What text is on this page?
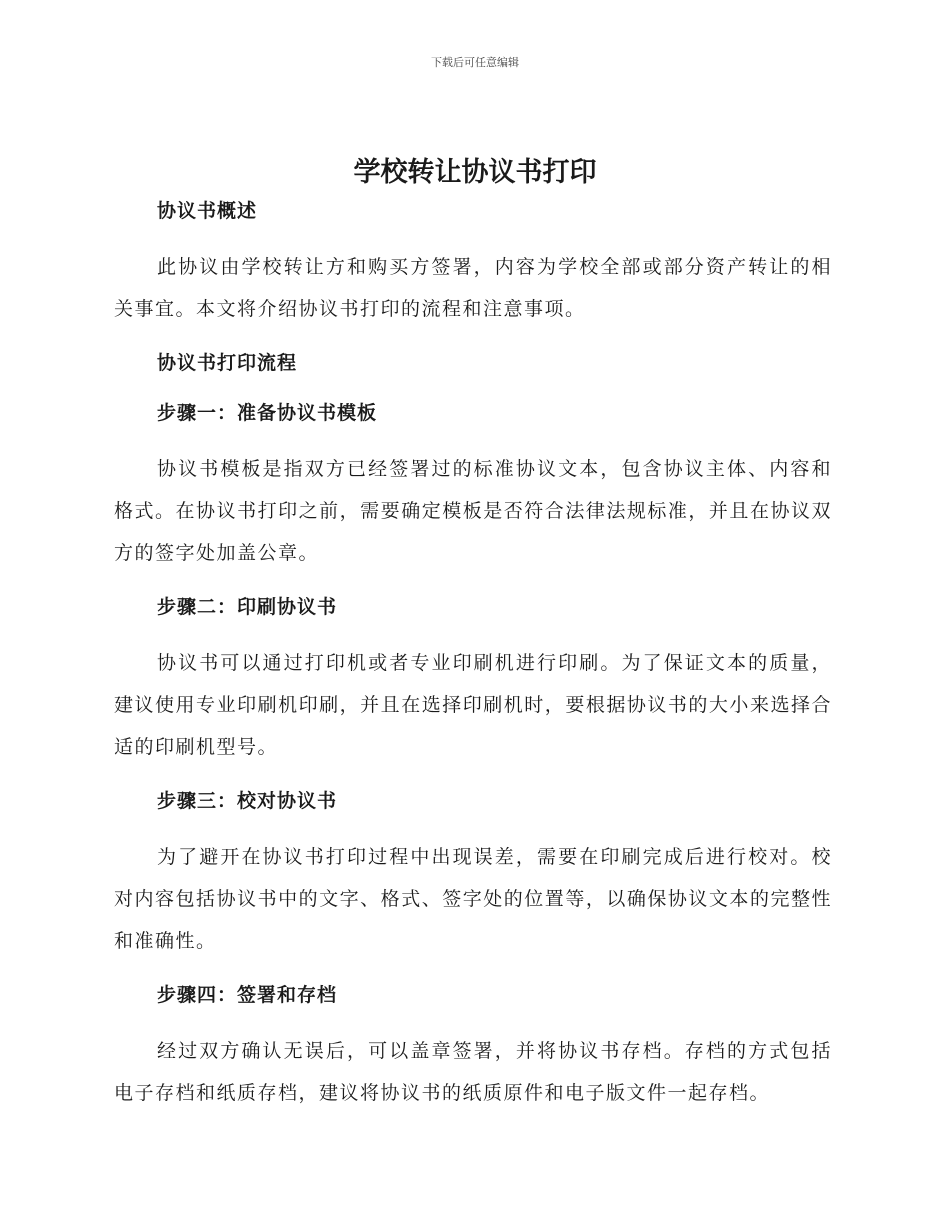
下载后可任意编辑
学校转让协议书打印
协议书概述

此协议由学校转让方和购买方签署，内容为学校全部或部分资产转让的相关事宜。本文将介绍协议书打印的流程和注意事项。

协议书打印流程
步骤一：准备协议书模板

协议书模板是指双方已经签署过的标准协议文本，包含协议主体、内容和格式。在协议书打印之前，需要确定模板是否符合法律法规标准，并且在协议双方的签字处加盖公章。

步骤二：印刷协议书

协议书可以通过打印机或者专业印刷机进行印刷。为了保证文本的质量，建议使用专业印刷机印刷，并且在选择印刷机时，要根据协议书的大小来选择合适的印刷机型号。

步骤三：校对协议书

为了避开在协议书打印过程中出现误差，需要在印刷完成后进行校对。校对内容包括协议书中的文字、格式、签字处的位置等，以确保协议文本的完整性和准确性。

步骤四：签署和存档

经过双方确认无误后，可以盖章签署，并将协议书存档。存档的方式包括电子存档和纸质存档，建议将协议书的纸质原件和电子版文件一起存档。
